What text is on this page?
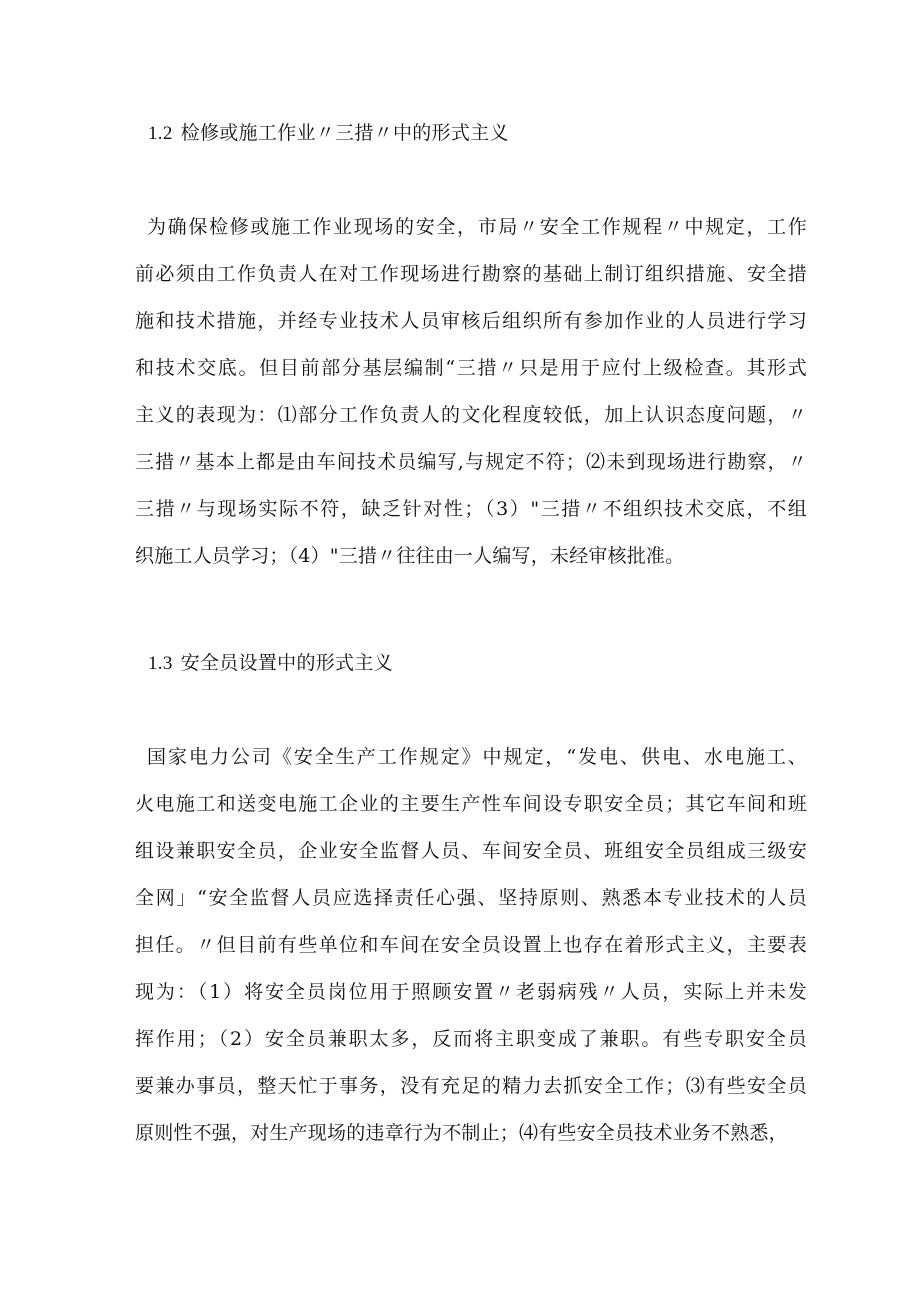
1.2 检修或施工作业〃三措〃中的形式主义
为确保检修或施工作业现场的安全，市局〃安全工作规程〃中规定，工作
前必须由工作负责人在对工作现场进行勘察的基础上制订组织措施、安全措
施和技术措施，并经专业技术人员审核后组织所有参加作业的人员进行学习
和技术交底。但目前部分基层编制“三措〃只是用于应付上级检查。其形式
主义的表现为：⑴部分工作负责人的文化程度较低，加上认识态度问题，〃
三措〃基本上都是由车间技术员编写,与规定不符；⑵未到现场进行勘察，〃
三措〃与现场实际不符，缺乏针对性；（3）"三措〃不组织技术交底，不组
织施工人员学习；（4）"三措〃往往由一人编写，未经审核批准。
1.3 安全员设置中的形式主义
国家电力公司《安全生产工作规定》中规定，“发电、供电、水电施工、
火电施工和送变电施工企业的主要生产性车间设专职安全员；其它车间和班
组设兼职安全员，企业安全监督人员、车间安全员、班组安全员组成三级安
全网」“安全监督人员应选择责任心强、坚持原则、熟悉本专业技术的人员
担任。〃但目前有些单位和车间在安全员设置上也存在着形式主义，主要表
现为：（1）将安全员岗位用于照顾安置〃老弱病残〃人员，实际上并未发
挥作用；（2）安全员兼职太多，反而将主职变成了兼职。有些专职安全员
要兼办事员，整天忙于事务，没有充足的精力去抓安全工作；⑶有些安全员
原则性不强，对生产现场的违章行为不制止；⑷有些安全员技术业务不熟悉，
